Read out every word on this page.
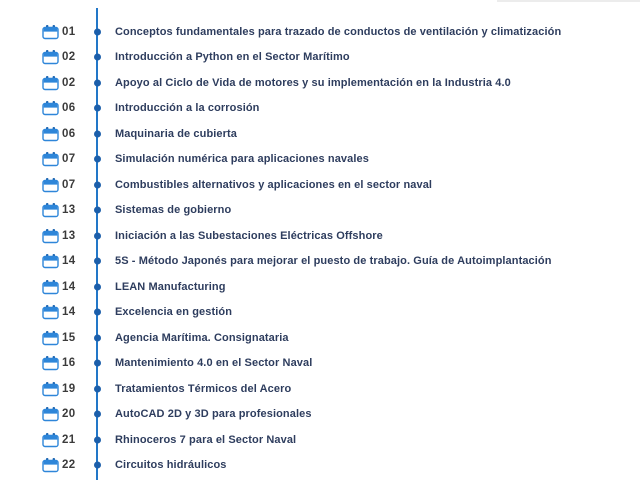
01	Conceptos fundamentales para trazado de conductos de ventilación y climatización
02	Introducción a Python en el Sector Marítimo
02	Apoyo al Ciclo de Vida de motores y su implementación en la Industria 4.0
06	Introducción a la corrosión
06	Maquinaria de cubierta
07	Simulación numérica para aplicaciones navales
07	Combustibles alternativos y aplicaciones en el sector naval
13	Sistemas de gobierno
13	Iniciación a las Subestaciones Eléctricas Offshore
14	5S - Método Japonés para mejorar el puesto de trabajo. Guía de Autoimplantación
14	LEAN Manufacturing
14	Excelencia en gestión
15	Agencia Marítima. Consignataria
16	Mantenimiento 4.0 en el Sector Naval
19	Tratamientos Térmicos del Acero
20	AutoCAD 2D y 3D para profesionales
21	Rhinoceros 7 para el Sector Naval
22	Circuitos hidráulicos
